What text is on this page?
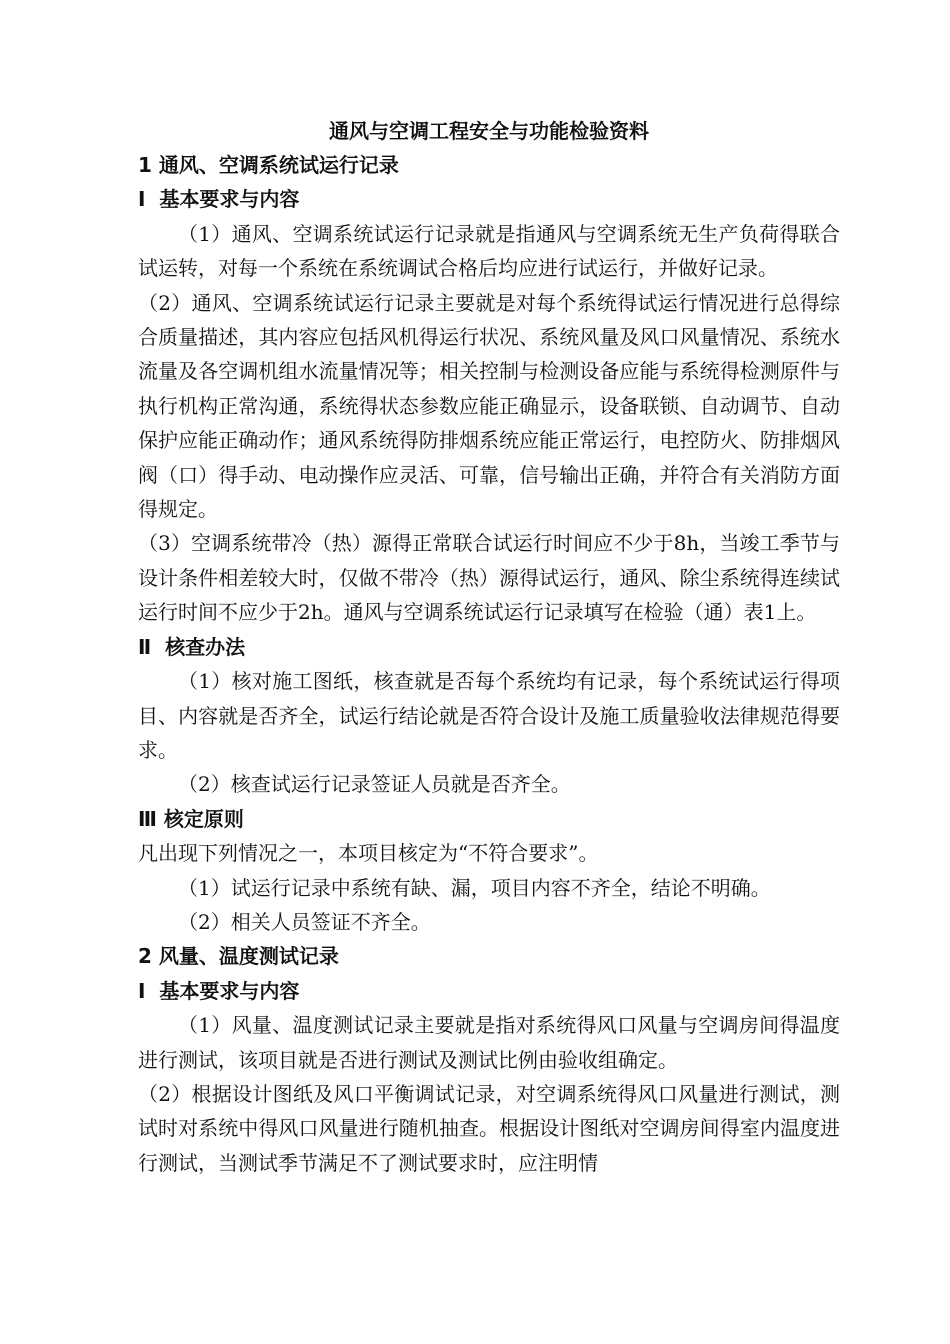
通风与空调工程安全与功能检验资料

1 通风、空调系统试运行记录

Ⅰ  基本要求与内容

（1）通风、空调系统试运行记录就是指通风与空调系统无生产负荷得联合试运转，对每一个系统在系统调试合格后均应进行试运行，并做好记录。

（2）通风、空调系统试运行记录主要就是对每个系统得试运行情况进行总得综合质量描述，其内容应包括风机得运行状况、系统风量及风口风量情况、系统水流量及各空调机组水流量情况等；相关控制与检测设备应能与系统得检测原件与执行机构正常沟通，系统得状态参数应能正确显示，设备联锁、自动调节、自动保护应能正确动作；通风系统得防排烟系统应能正常运行，电控防火、防排烟风阀（口）得手动、电动操作应灵活、可靠，信号输出正确，并符合有关消防方面得规定。

（3）空调系统带冷（热）源得正常联合试运行时间应不少于8h，当竣工季节与设计条件相差较大时，仅做不带冷（热）源得试运行，通风、除尘系统得连续试运行时间不应少于2h。通风与空调系统试运行记录填写在检验（通）表1上。

Ⅱ  核查办法

（1）核对施工图纸，核查就是否每个系统均有记录，每个系统试运行得项目、内容就是否齐全，试运行结论就是否符合设计及施工质量验收法律规范得要求。

（2）核查试运行记录签证人员就是否齐全。

Ⅲ 核定原则

凡出现下列情况之一，本项目核定为“不符合要求”。

（1）试运行记录中系统有缺、漏，项目内容不齐全，结论不明确。

（2）相关人员签证不齐全。

2 风量、温度测试记录

Ⅰ  基本要求与内容

（1）风量、温度测试记录主要就是指对系统得风口风量与空调房间得温度进行测试，该项目就是否进行测试及测试比例由验收组确定。

（2）根据设计图纸及风口平衡调试记录，对空调系统得风口风量进行测试，测试时对系统中得风口风量进行随机抽查。根据设计图纸对空调房间得室内温度进行测试，当测试季节满足不了测试要求时，应注明情
